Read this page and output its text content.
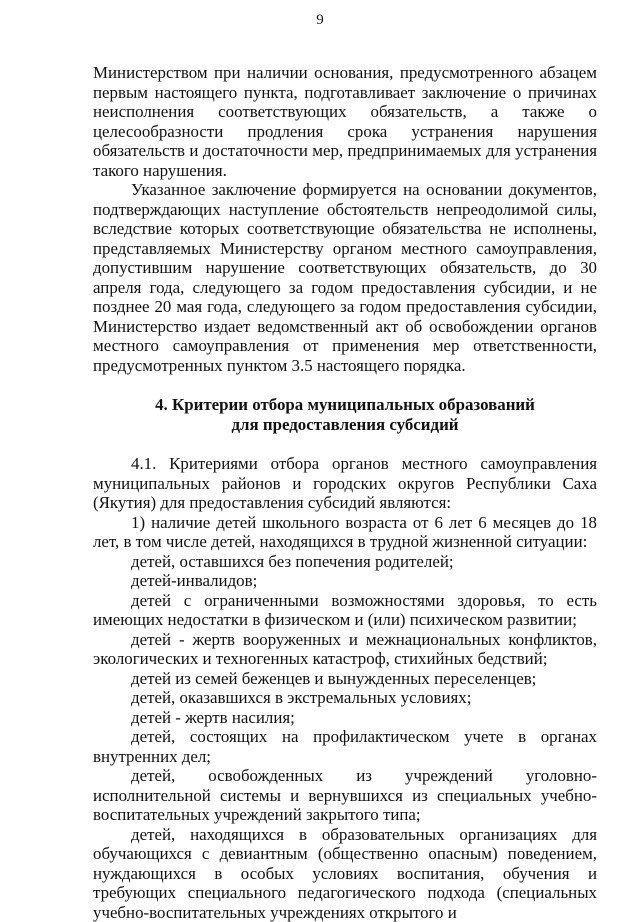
9

Министерством при наличии основания, предусмотренного абзацем первым настоящего пункта, подготавливает заключение о причинах неисполнения соответствующих обязательств, а также о целесообразности продления срока устранения нарушения обязательств и достаточности мер, предпринимаемых для устранения такого нарушения.

Указанное заключение формируется на основании документов, подтверждающих наступление обстоятельств непреодолимой силы, вследствие которых соответствующие обязательства не исполнены, представляемых Министерству органом местного самоуправления, допустившим нарушение соответствующих обязательств, до 30 апреля года, следующего за годом предоставления субсидии, и не позднее 20 мая года, следующего за годом предоставления субсидии, Министерство издает ведомственный акт об освобождении органов местного самоуправления от применения мер ответственности, предусмотренных пунктом 3.5 настоящего порядка.

4. Критерии отбора муниципальных образований
для предоставления субсидий

4.1. Критериями отбора органов местного самоуправления муниципальных районов и городских округов Республики Саха (Якутия) для предоставления субсидий являются:

1) наличие детей школьного возраста от 6 лет 6 месяцев до 18 лет, в том числе детей, находящихся в трудной жизненной ситуации:

детей, оставшихся без попечения родителей;

детей-инвалидов;

детей с ограниченными возможностями здоровья, то есть имеющих недостатки в физическом и (или) психическом развитии;

детей - жертв вооруженных и межнациональных конфликтов, экологических и техногенных катастроф, стихийных бедствий;

детей из семей беженцев и вынужденных переселенцев;

детей, оказавшихся в экстремальных условиях;

детей - жертв насилия;

детей, состоящих на профилактическом учете в органах внутренних дел;

детей, освобожденных из учреждений уголовно-исполнительной системы и вернувшихся из специальных учебно-воспитательных учреждений закрытого типа;

детей, находящихся в образовательных организациях для обучающихся с девиантным (общественно опасным) поведением, нуждающихся в особых условиях воспитания, обучения и требующих специального педагогического подхода (специальных учебно-воспитательных учреждениях открытого и
